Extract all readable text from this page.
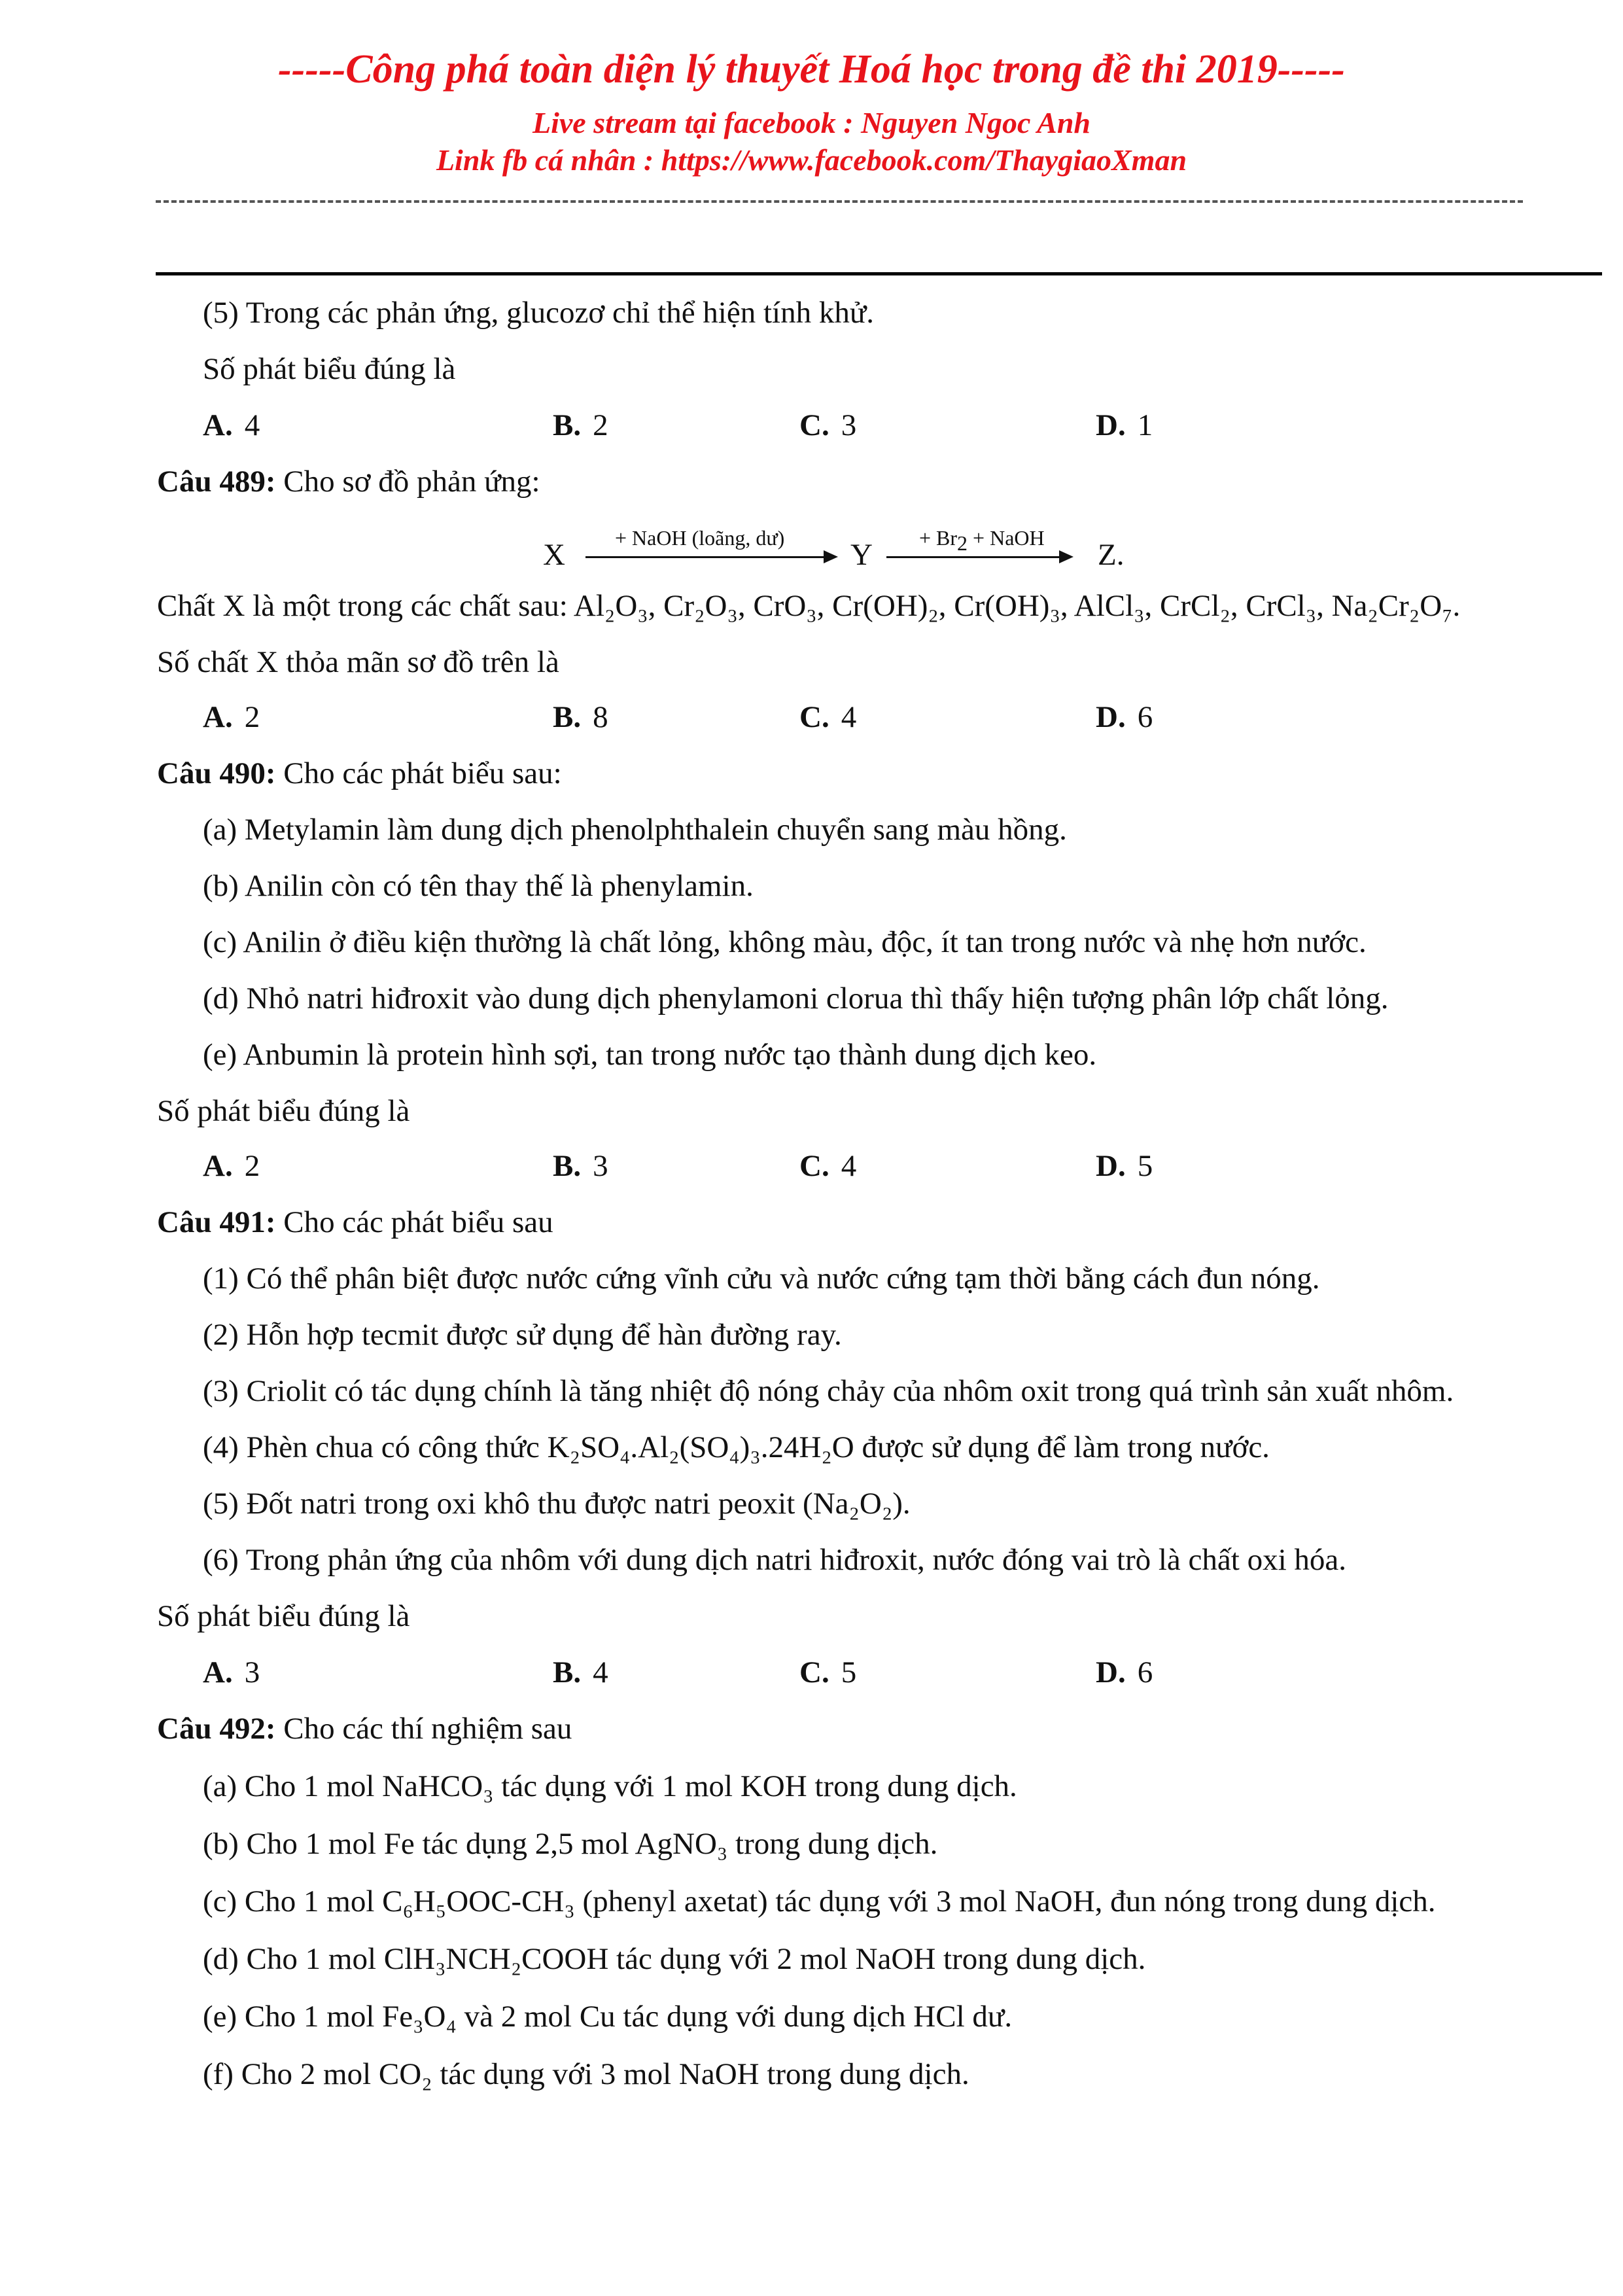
-----Công phá toàn diện lý thuyết Hoá học trong đề thi 2019-----
Live stream tại facebook : Nguyen Ngoc Anh
Link fb cá nhân : https://www.facebook.com/ThaygiaoXman
(5) Trong các phản ứng, glucozơ chỉ thể hiện tính khử.
Số phát biểu đúng là
A. 4	B. 2	C. 3	D. 1
Câu 489: Cho sơ đồ phản ứng:
X + NaOH (loãng, dư) $Y + Br_2$ + NaOH Z.
Chất X là một trong các chất sau: Al₂O₃, Cr₂O₃, CrO₃, Cr(OH)₂, Cr(OH)₃, AlCl₃, CrCl₂, CrCl₃, Na₂Cr₂O₇.
Số chất X thỏa mãn sơ đồ trên là
A. 2	B. 8	C. 4	D. 6
Câu 490: Cho các phát biểu sau:
(a) Metylamin làm dung dịch phenolphthalein chuyển sang màu hồng.
(b) Anilin còn có tên thay thế là phenylamin.
(c) Anilin ở điều kiện thường là chất lỏng, không màu, độc, ít tan trong nước và nhẹ hơn nước.
(d) Nhỏ natri hiđroxit vào dung dịch phenylamoni clorua thì thấy hiện tượng phân lớp chất lỏng.
(e) Anbumin là protein hình sợi, tan trong nước tạo thành dung dịch keo.
Số phát biểu đúng là
A. 2	B. 3	C. 4	D. 5
Câu 491: Cho các phát biểu sau
(1) Có thể phân biệt được nước cứng vĩnh cửu và nước cứng tạm thời bằng cách đun nóng.
(2) Hỗn hợp tecmit được sử dụng để hàn đường ray.
(3) Criolit có tác dụng chính là tăng nhiệt độ nóng chảy của nhôm oxit trong quá trình sản xuất nhôm.
(4) Phèn chua có công thức K₂SO₄.Al₂(SO₄)₃.24H₂O được sử dụng để làm trong nước.
(5) Đốt natri trong oxi khô thu được natri peoxit (Na₂O₂).
(6) Trong phản ứng của nhôm với dung dịch natri hiđroxit, nước đóng vai trò là chất oxi hóa.
Số phát biểu đúng là
A. 3	B. 4	C. 5	D. 6
Câu 492: Cho các thí nghiệm sau
(a) Cho 1 mol NaHCO₃ tác dụng với 1 mol KOH trong dung dịch.
(b) Cho 1 mol Fe tác dụng 2,5 mol AgNO₃ trong dung dịch.
(c) Cho 1 mol C₆H₅OOC-CH₃ (phenyl axetat) tác dụng với 3 mol NaOH, đun nóng trong dung dịch.
(d) Cho 1 mol ClH₃NCH₂COOH tác dụng với 2 mol NaOH trong dung dịch.
(e) Cho 1 mol Fe₃O₄ và 2 mol Cu tác dụng với dung dịch HCl dư.
(f) Cho 2 mol CO₂ tác dụng với 3 mol NaOH trong dung dịch.
